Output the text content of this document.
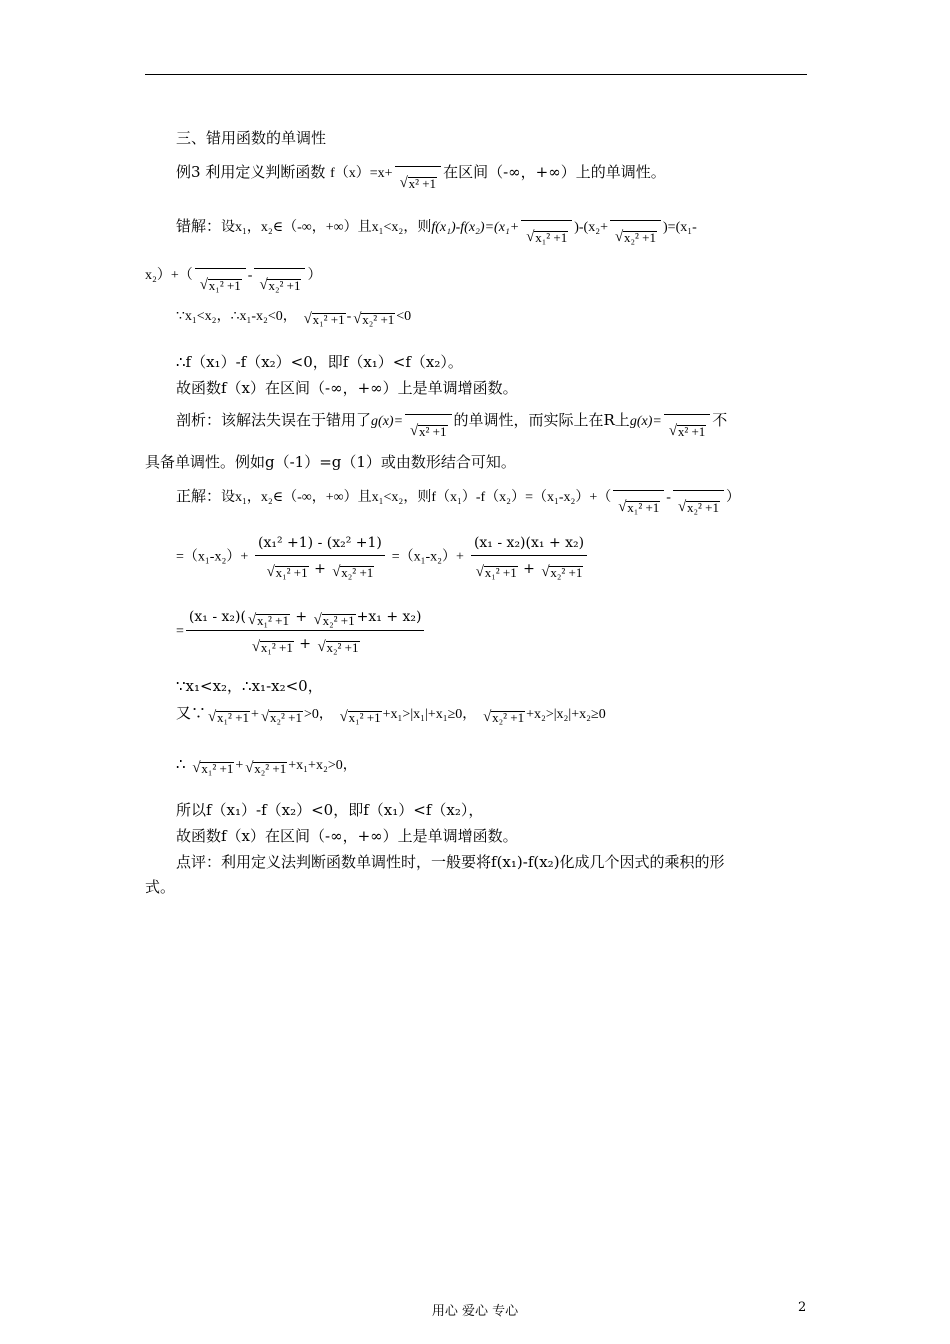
三、错用函数的单调性
例3 利用定义判断函数 f（x）=x+
√ x² +1
在区间（-∞，+∞）上的单调性。
错解：设x₁，x₂∈（-∞，+∞）且x₁<x₂，则f(x₁)-f(x₂)=(x₁+
√ x₁² +1
)-(x₂+
√ x₂² +1
)=(x₁-
x₂）+（
√ x₁² +1
-
√ x₂² +1
）
∵x₁<x₂，∴x₁-x₂<0， √ x₁² +1 - √ x₂² +1 <0
∴f（x₁）-f（x₂）<0，即f（x₁）<f（x₂）。
故函数f（x）在区间（-∞，+∞）上是单调增函数。
剖析：该解法失误在于错用了g(x)=
√ x² +1
的单调性，而实际上在R上g(x)=
√ x² +1
不
具备单调性。例如g（-1）=g（1）或由数形结合可知。
正解：设x₁，x₂∈（-∞，+∞）且x₁<x₂，则f（x₁）-f（x₂）=（x₁-x₂）+（
√ x₁² +1
-
√ x₂² +1
）
=（x₁-x₂）+ (x₁² +1) - (x₂² +1)
√ x₁² +1 + √ x₂² +1 =（x₁-x₂）+ (x₁ - x₂)(x₁ + x₂)
√ x₁² +1 + √ x₂² +1
= (x₁ - x₂)( √ x₁² +1 + √ x₂² +1 +x₁ + x₂)
√ x₁² +1 + √ x₂² +1
∵x₁<x₂，∴x₁-x₂<0，
又∵ √ x₁² +1 + √ x₂² +1 >0， √ x₁² +1 +x₁>|x₁|+x₁≥0， √ x₂² +1 +x₂>|x₂|+x₂≥0
∴ √ x₁² +1 + √ x₂² +1 +x₁+x₂>0，
所以f（x₁）-f（x₂）<0，即f（x₁）<f（x₂），
故函数f（x）在区间（-∞，+∞）上是单调增函数。
点评：利用定义法判断函数单调性时，一般要将f(x₁)-f(x₂)化成几个因式的乘积的形
式。
用心 爱心 专心	2
